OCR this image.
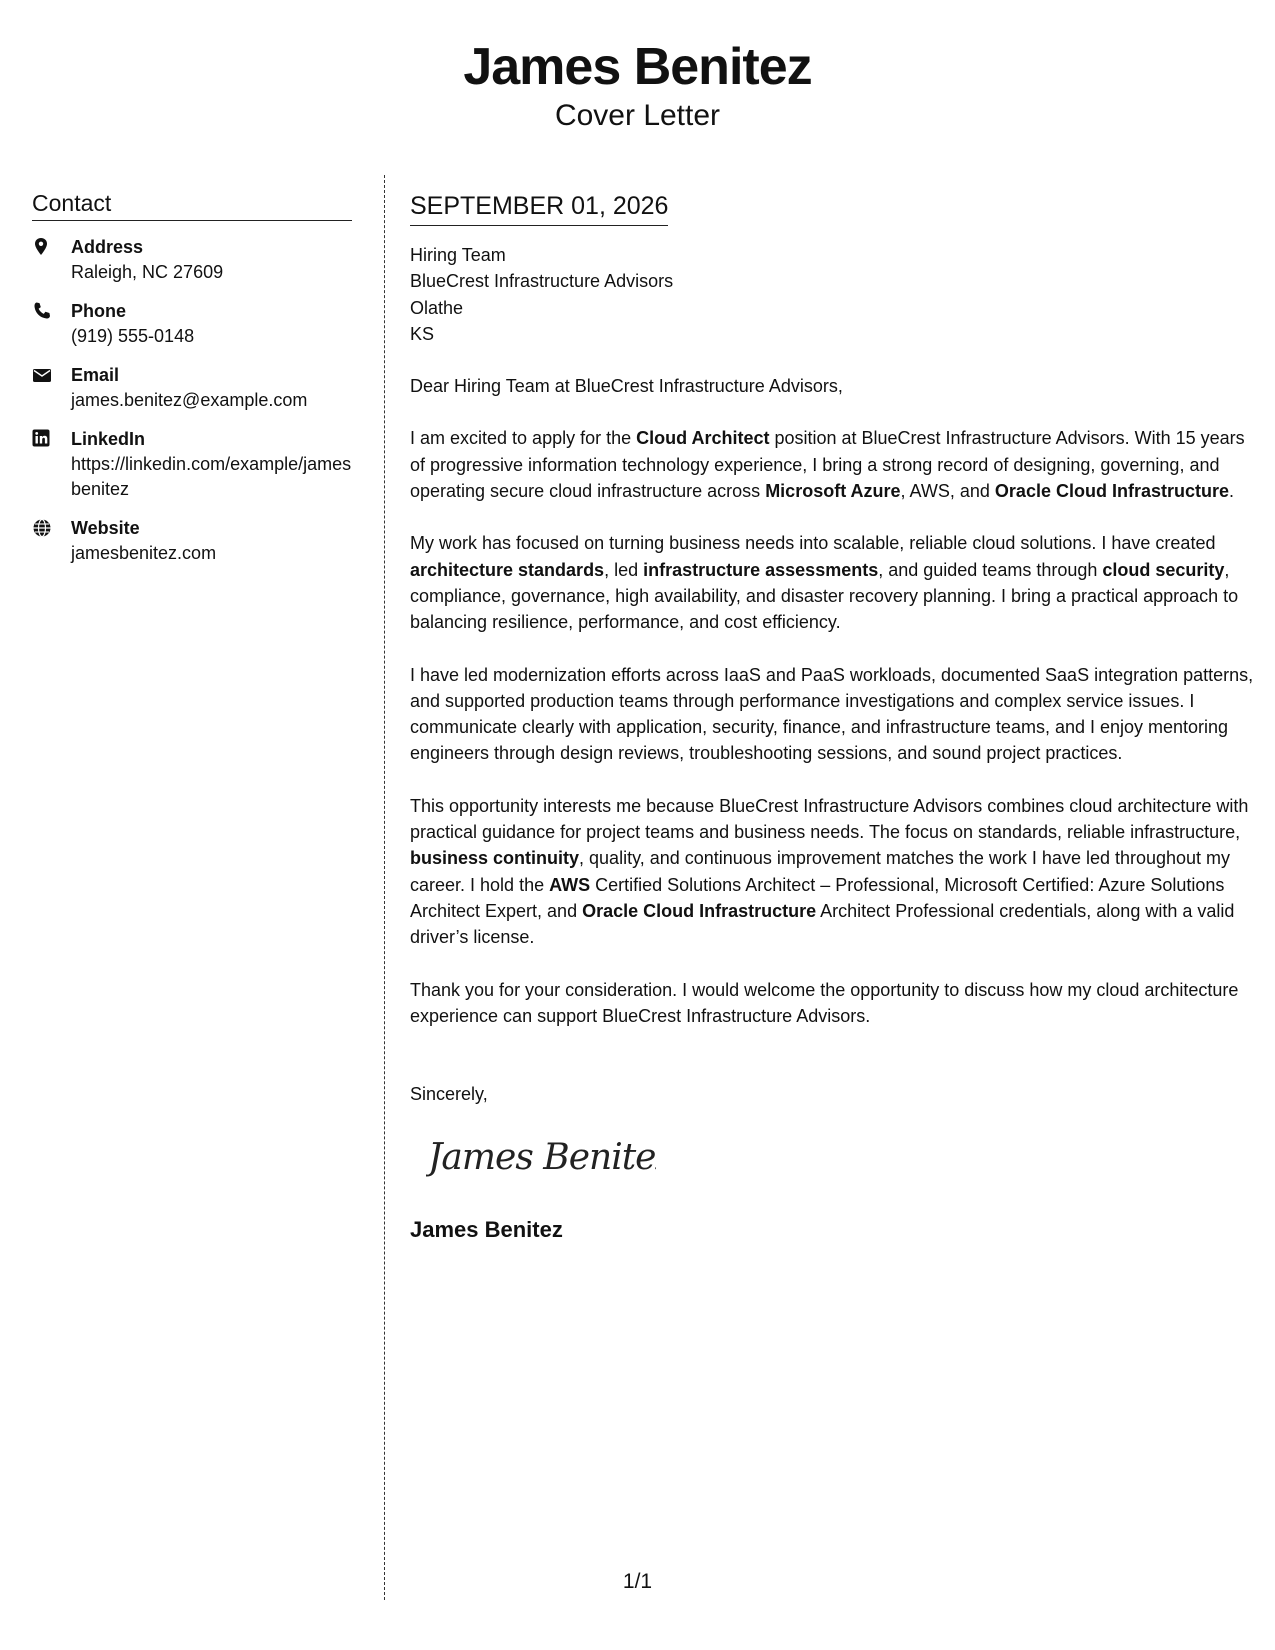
James Benitez
Cover Letter
Contact
Address
Raleigh, NC 27609
Phone
(919) 555-0148
Email
james.benitez@example.com
LinkedIn
https://linkedin.com/example/jamesbenitez
Website
jamesbenitez.com
SEPTEMBER 01, 2026
Hiring Team
BlueCrest Infrastructure Advisors
Olathe
KS
Dear Hiring Team at BlueCrest Infrastructure Advisors,

I am excited to apply for the Cloud Architect position at BlueCrest Infrastructure Advisors. With 15 years of progressive information technology experience, I bring a strong record of designing, governing, and operating secure cloud infrastructure across Microsoft Azure, AWS, and Oracle Cloud Infrastructure.

My work has focused on turning business needs into scalable, reliable cloud solutions. I have created architecture standards, led infrastructure assessments, and guided teams through cloud security, compliance, governance, high availability, and disaster recovery planning. I bring a practical approach to balancing resilience, performance, and cost efficiency.

I have led modernization efforts across IaaS and PaaS workloads, documented SaaS integration patterns, and supported production teams through performance investigations and complex service issues. I communicate clearly with application, security, finance, and infrastructure teams, and I enjoy mentoring engineers through design reviews, troubleshooting sessions, and sound project practices.

This opportunity interests me because BlueCrest Infrastructure Advisors combines cloud architecture with practical guidance for project teams and business needs. The focus on standards, reliable infrastructure, business continuity, quality, and continuous improvement matches the work I have led throughout my career. I hold the AWS Certified Solutions Architect – Professional, Microsoft Certified: Azure Solutions Architect Expert, and Oracle Cloud Infrastructure Architect Professional credentials, along with a valid driver’s license.

Thank you for your consideration. I would welcome the opportunity to discuss how my cloud architecture experience can support BlueCrest Infrastructure Advisors.

Sincerely,
James Benitez
James Benitez
1/1
